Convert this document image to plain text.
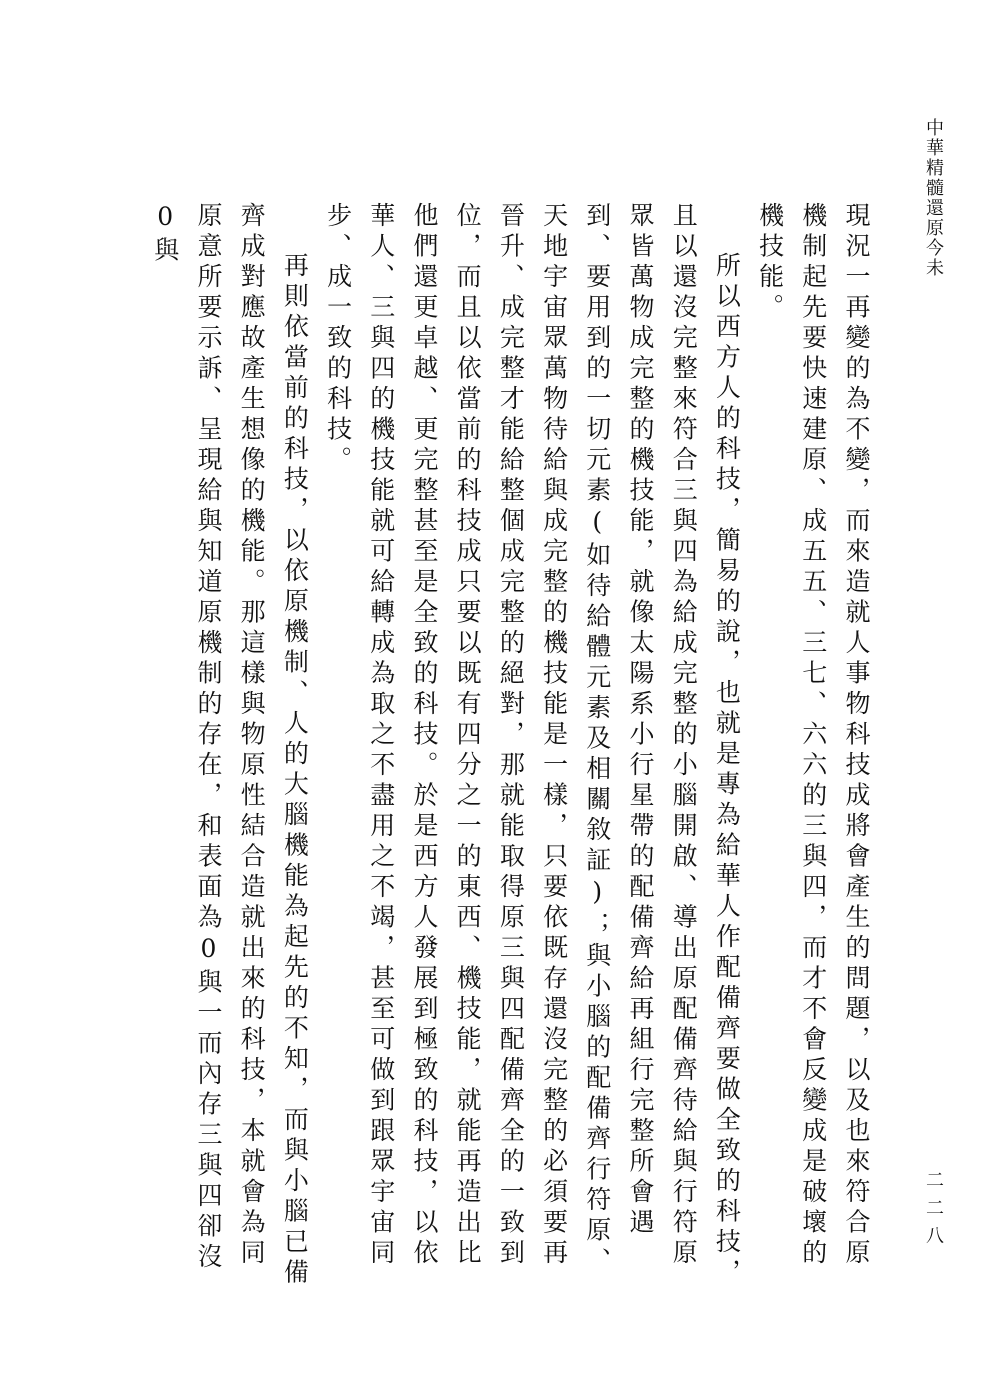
中華精髓還原今未
二二八

現況一再變的為不變，而來造就人事物科技成將會產生的問題，以及也來符合原機制起先要快速建原、成五五、三七、六六的三與四，而才不會反變成是破壞的機技能。

所以西方人的科技，簡易的說，也就是專為給華人作配備齊要做全致的科技，且以還沒完整來符合三與四為給成完整的小腦開啟、導出原配備齊待給與行符原眾皆萬物成完整的機技能，就像太陽系小行星帶的配備齊給再組行完整所會遇到、要用到的一切元素(如待給體元素及相關敘証)；與小腦的配備齊行符原、天地宇宙眾萬物待給與成完整的機技能是一樣，只要依既存還沒完整的必須要再晉升、成完整才能給整個成完整的絕對，那就能取得原三與四配備齊全的一致到位，而且以依當前的科技成只要以既有四分之一的東西、機技能，就能再造出比他們還更卓越、更完整甚至是全致的科技。於是西方人發展到極致的科技，以依華人、三與四的機技能就可給轉成為取之不盡用之不竭，甚至可做到跟眾宇宙同步、成一致的科技。

再則依當前的科技，以依原機制、人的大腦機能為起先的不知，而與小腦已備齊成對應故產生想像的機能。那這樣與物原性結合造就出來的科技，本就會為同原意所要示訴、呈現給與知道原機制的存在，和表面為0與一而內存三與四卻沒0與
